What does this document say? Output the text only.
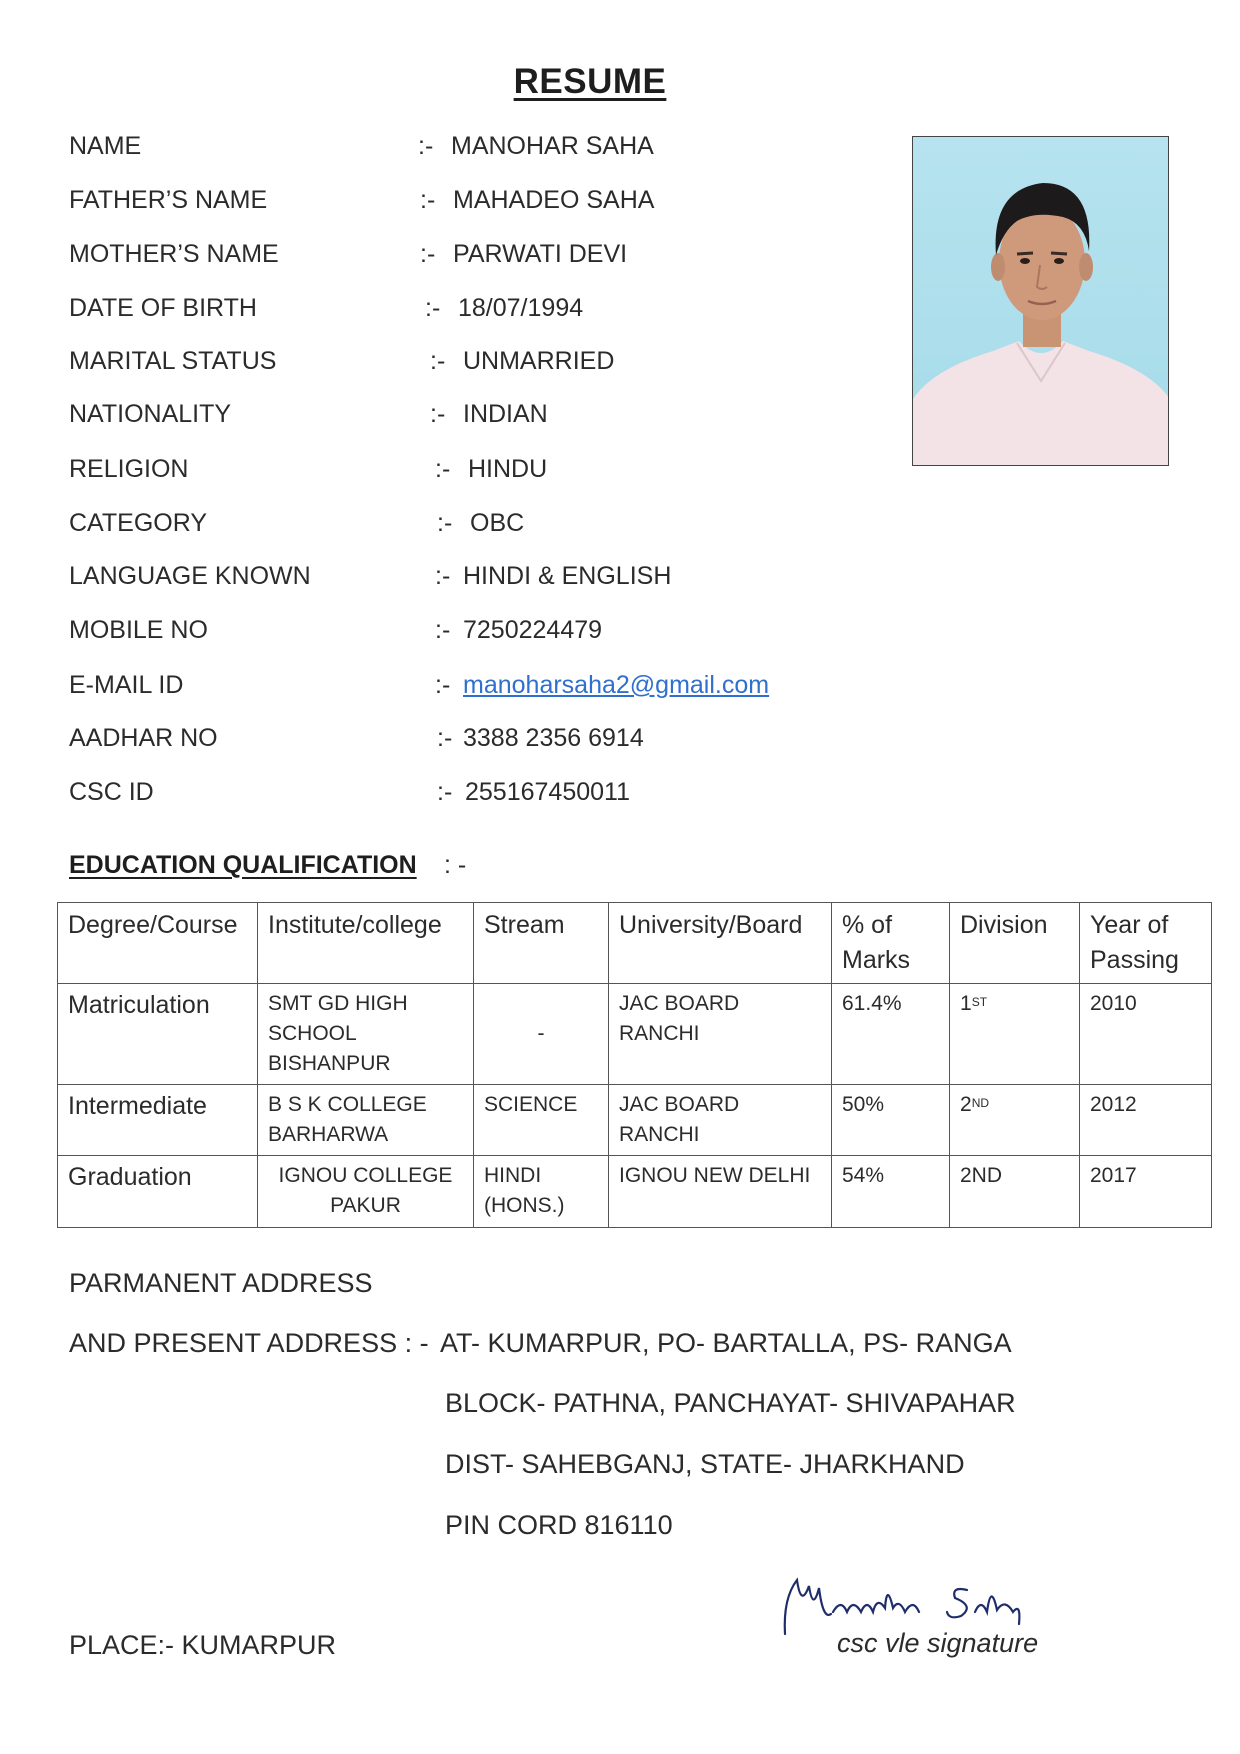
RESUME
NAME	:- MANOHAR SAHA
FATHER’S NAME	:- MAHADEO SAHA
MOTHER’S NAME	:- PARWATI DEVI
DATE OF BIRTH	:- 18/07/1994
MARITAL STATUS	:- UNMARRIED
NATIONALITY	:- INDIAN
RELIGION	:- HINDU
CATEGORY	:- OBC
LANGUAGE KNOWN	:- HINDI & ENGLISH
MOBILE NO	:- 7250224479
E-MAIL ID	:- manoharsaha2@gmail.com
AADHAR NO	:- 3388 2356 6914
CSC ID	:- 255167450011
EDUCATION QUALIFICATION : -
Degree/Course	Institute/college	Stream	University/Board	% of Marks	Division	Year of Passing
Matriculation	SMT GD HIGH SCHOOL BISHANPUR	-	JAC BOARD RANCHI	61.4%	1ST	2010
Intermediate	B S K COLLEGE BARHARWA	SCIENCE	JAC BOARD RANCHI	50%	2ND	2012
Graduation	IGNOU COLLEGE PAKUR	HINDI (HONS.)	IGNOU NEW DELHI	54%	2ND	2017
PARMANENT ADDRESS
AND PRESENT ADDRESS : - AT- KUMARPUR, PO- BARTALLA, PS- RANGA
BLOCK- PATHNA, PANCHAYAT- SHIVAPAHAR
DIST- SAHEBGANJ, STATE- JHARKHAND
PIN CORD 816110
PLACE:- KUMARPUR	csc vle signature
